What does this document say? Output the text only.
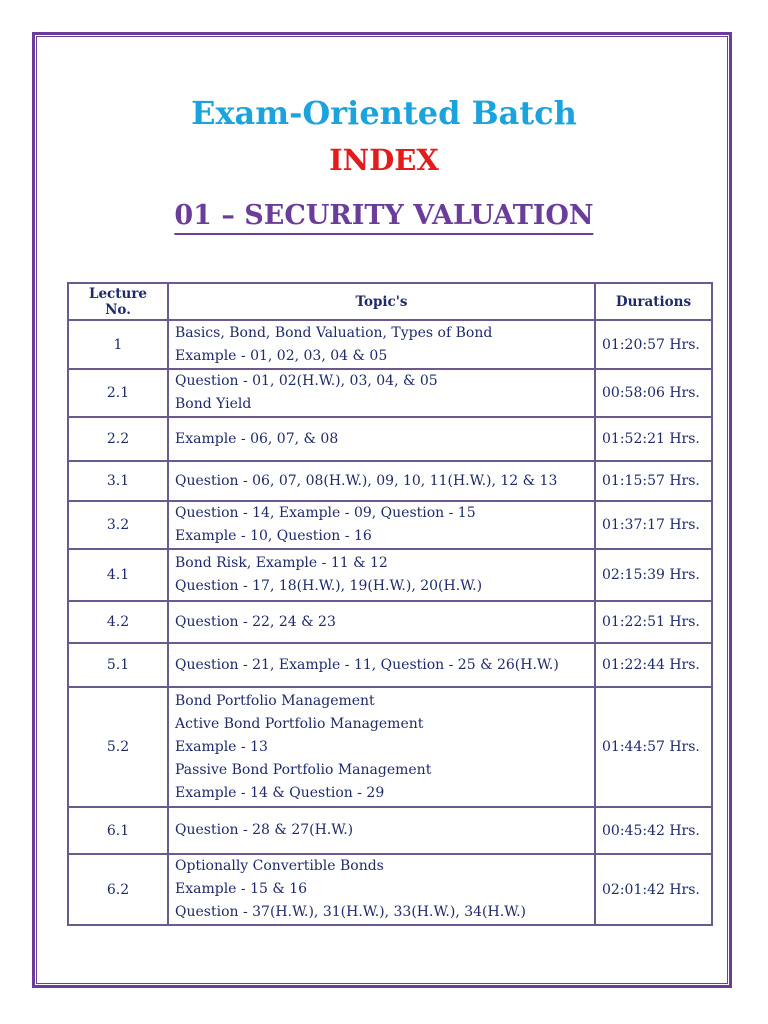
Exam-Oriented Batch
INDEX
01 – SECURITY VALUATION
Lecture No.	Topic's	Durations
1	Basics, Bond, Bond Valuation, Types of Bond
Example - 01, 02, 03, 04 & 05	01:20:57 Hrs.
2.1	Question - 01, 02(H.W.), 03, 04, & 05
Bond Yield	00:58:06 Hrs.
2.2	Example - 06, 07, & 08	01:52:21 Hrs.
3.1	Question - 06, 07, 08(H.W.), 09, 10, 11(H.W.), 12 & 13	01:15:57 Hrs.
3.2	Question - 14, Example - 09, Question - 15
Example - 10, Question - 16	01:37:17 Hrs.
4.1	Bond Risk, Example - 11 & 12
Question - 17, 18(H.W.), 19(H.W.), 20(H.W.)	02:15:39 Hrs.
4.2	Question - 22, 24 & 23	01:22:51 Hrs.
5.1	Question - 21, Example - 11, Question - 25 & 26(H.W.)	01:22:44 Hrs.
5.2	Bond Portfolio Management
Active Bond Portfolio Management
Example - 13
Passive Bond Portfolio Management
Example - 14 & Question - 29	01:44:57 Hrs.
6.1	Question - 28 & 27(H.W.)	00:45:42 Hrs.
6.2	Optionally Convertible Bonds
Example - 15 & 16
Question - 37(H.W.), 31(H.W.), 33(H.W.), 34(H.W.)	02:01:42 Hrs.
